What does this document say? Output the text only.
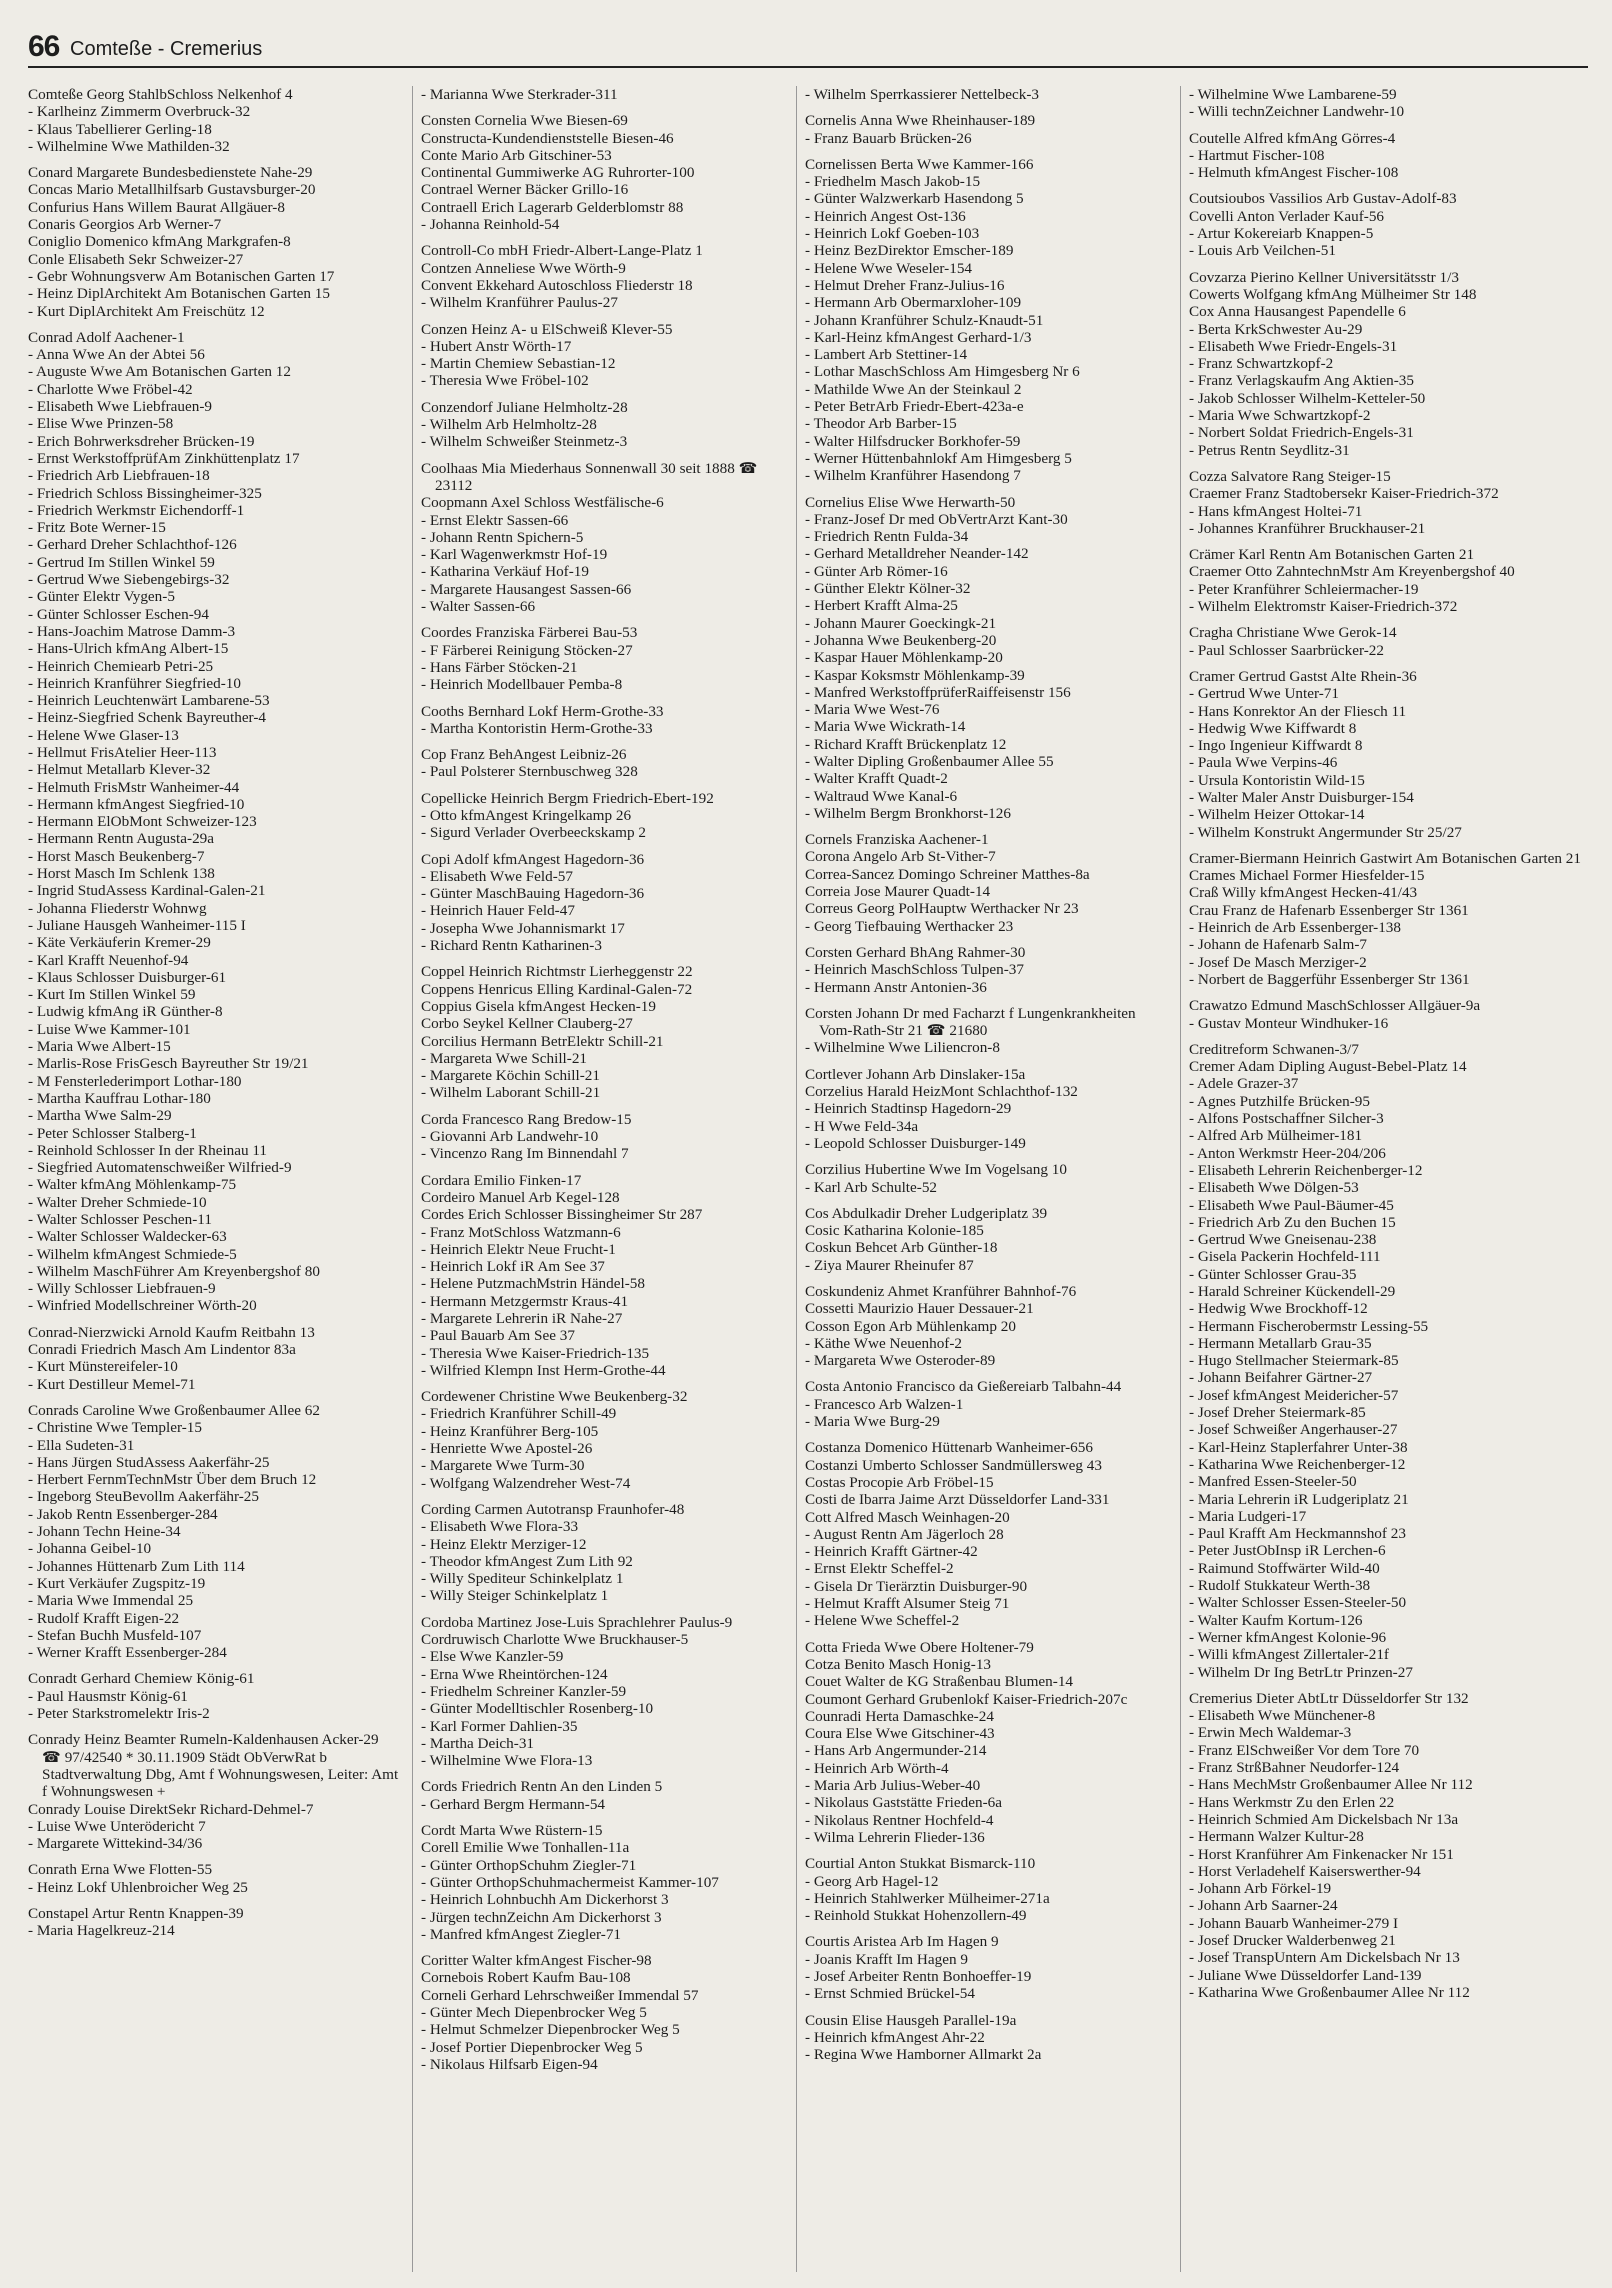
66 Comteße - Cremerius
Comteße Georg StahlbSchloss Nelkenhof 4
- Karlheinz Zimmerm Overbruck-32
- Klaus Tabellierer Gerling-18
- Wilhelmine Wwe Mathilden-32
Conard Margarete Bundesbedienstete Nahe-29
Concas Mario Metallhilfsarb Gustavsburger-20
Confurius Hans Willem Baurat Allgäuer-8
Conaris Georgios Arb Werner-7
Coniglio Domenico kfmAng Markgrafen-8
Conle Elisabeth Sekr Schweizer-27
- Gebr Wohnungsverw Am Botanischen Garten 17
- Heinz DiplArchitekt Am Botanischen Garten 15
- Kurt DiplArchitekt Am Freischütz 12
Conrad Adolf Aachener-1
- Anna Wwe An der Abtei 56
- Auguste Wwe Am Botanischen Garten 12
- Charlotte Wwe Fröbel-42
- Elisabeth Wwe Liebfrauen-9
- Elise Wwe Prinzen-58
- Erich Bohrwerksdreher Brücken-19
- Ernst WerkstoffprüfAm Zinkhüttenplatz 17
- Friedrich Arb Liebfrauen-18
- Friedrich Schloss Bissingheimer-325
- Friedrich Werkmstr Eichendorff-1
- Fritz Bote Werner-15
- Gerhard Dreher Schlachthof-126
- Gertrud Im Stillen Winkel 59
- Gertrud Wwe Siebengebirgs-32
- Günter Elektr Vygen-5
- Günter Schlosser Eschen-94
- Hans-Joachim Matrose Damm-3
- Hans-Ulrich kfmAng Albert-15
- Heinrich Chemiearb Petri-25
- Heinrich Kranführer Siegfried-10
- Heinrich Leuchtenwärt Lambarene-53
- Heinz-Siegfried Schenk Bayreuther-4
- Helene Wwe Glaser-13
- Hellmut FrisAtelier Heer-113
- Helmut Metallarb Klever-32
- Helmuth FrisMstr Wanheimer-44
- Hermann kfmAngest Siegfried-10
- Hermann ElObMont Schweizer-123
- Hermann Rentn Augusta-29a
- Horst Masch Beukenberg-7
- Horst Masch Im Schlenk 138
- Ingrid StudAssess Kardinal-Galen-21
- Johanna Fliederstr Wohnwg
- Juliane Hausgeh Wanheimer-115 I
- Käte Verkäuferin Kremer-29
- Karl Krafft Neuenhof-94
- Klaus Schlosser Duisburger-61
- Kurt Im Stillen Winkel 59
- Ludwig kfmAng iR Günther-8
- Luise Wwe Kammer-101
- Maria Wwe Albert-15
- Marlis-Rose FrisGesch Bayreuther Str 19/21
- M Fensterlederimport Lothar-180
- Martha Kauffrau Lothar-180
- Martha Wwe Salm-29
- Peter Schlosser Stalberg-1
- Reinhold Schlosser In der Rheinau 11
- Siegfried Automatenschweißer Wilfried-9
- Walter kfmAng Möhlenkamp-75
- Walter Dreher Schmiede-10
- Walter Schlosser Peschen-11
- Walter Schlosser Waldecker-63
- Wilhelm kfmAngest Schmiede-5
- Wilhelm MaschFührer Am Kreyenbergshof 80
- Willy Schlosser Liebfrauen-9
- Winfried Modellschreiner Wörth-20
Conrad-Nierzwicki Arnold Kaufm Reitbahn 13
Conradi Friedrich Masch Am Lindentor 83a
- Kurt Münstereifeler-10
- Kurt Destilleur Memel-71
Conrads Caroline Wwe Großenbaumer Allee 62
- Christine Wwe Templer-15
- Ella Sudeten-31
- Hans Jürgen StudAssess Aakerfähr-25
- Herbert FernmTechnMstr Über dem Bruch 12
- Ingeborg SteuBevollm Aakerfähr-25
- Jakob Rentn Essenberger-284
- Johann Techn Heine-34
- Johanna Geibel-10
- Johannes Hüttenarb Zum Lith 114
- Kurt Verkäufer Zugspitz-19
- Maria Wwe Immendal 25
- Rudolf Krafft Eigen-22
- Stefan Buchh Musfeld-107
- Werner Krafft Essenberger-284
Conradt Gerhard Chemiew König-61
- Paul Hausmstr König-61
- Peter Starkstromelektr Iris-2
Conrady Heinz Beamter Rumeln-Kaldenhausen Acker-29 ☎ 97/42540 * 30.11.1909 Städt ObVerwRat b Stadtverwaltung Dbg, Amt f Wohnungswesen, Leiter: Amt f Wohnungswesen +
Conrady Louise DirektSekr Richard-Dehmel-7
- Luise Wwe Unterödericht 7
- Margarete Wittekind-34/36
Conrath Erna Wwe Flotten-55
- Heinz Lokf Uhlenbroicher Weg 25
Constapel Artur Rentn Knappen-39
- Maria Hagelkreuz-214
- Marianna Wwe Sterkrader-311
Consten Cornelia Wwe Biesen-69
Constructa-Kundendienststelle Biesen-46
Conte Mario Arb Gitschiner-53
Continental Gummiwerke AG Ruhrorter-100
Contrael Werner Bäcker Grillo-16
Contraell Erich Lagerarb Gelderblomstr 88
- Johanna Reinhold-54
Controll-Co mbH Friedr-Albert-Lange-Platz 1
Contzen Anneliese Wwe Wörth-9
Convent Ekkehard Autoschloss Fliederstr 18
- Wilhelm Kranführer Paulus-27
Conzen Heinz A- u ElSchweiß Klever-55
- Hubert Anstr Wörth-17
- Martin Chemiew Sebastian-12
- Theresia Wwe Fröbel-102
Conzendorf Juliane Helmholtz-28
- Wilhelm Arb Helmholtz-28
- Wilhelm Schweißer Steinmetz-3
Coolhaas Mia Miederhaus Sonnenwall 30 seit 1888 ☎ 23112
Coopmann Axel Schloss Westfälische-6
- Ernst Elektr Sassen-66
- Johann Rentn Spichern-5
- Karl Wagenwerkmstr Hof-19
- Katharina Verkäuf Hof-19
- Margarete Hausangest Sassen-66
- Walter Sassen-66
Coordes Franziska Färberei Bau-53
- F Färberei Reinigung Stöcken-27
- Hans Färber Stöcken-21
- Heinrich Modellbauer Pemba-8
Cooths Bernhard Lokf Herm-Grothe-33
- Martha Kontoristin Herm-Grothe-33
Cop Franz BehAngest Leibniz-26
- Paul Polsterer Sternbuschweg 328
Copellicke Heinrich Bergm Friedrich-Ebert-192
- Otto kfmAngest Kringelkamp 26
- Sigurd Verlader Overbeeckskamp 2
Copi Adolf kfmAngest Hagedorn-36
- Elisabeth Wwe Feld-57
- Günter MaschBauing Hagedorn-36
- Heinrich Hauer Feld-47
- Josepha Wwe Johannismarkt 17
- Richard Rentn Katharinen-3
Coppel Heinrich Richtmstr Lierheggenstr 22
Coppens Henricus Elling Kardinal-Galen-72
Coppius Gisela kfmAngest Hecken-19
Corbo Seykel Kellner Clauberg-27
Corcilius Hermann BetrElektr Schill-21
- Margareta Wwe Schill-21
- Margarete Köchin Schill-21
- Wilhelm Laborant Schill-21
Corda Francesco Rang Bredow-15
- Giovanni Arb Landwehr-10
- Vincenzo Rang Im Binnendahl 7
Cordara Emilio Finken-17
Cordeiro Manuel Arb Kegel-128
Cordes Erich Schlosser Bissingheimer Str 287
- Franz MotSchloss Watzmann-6
- Heinrich Elektr Neue Frucht-1
- Heinrich Lokf iR Am See 37
- Helene PutzmachMstrin Händel-58
- Hermann Metzgermstr Kraus-41
- Margarete Lehrerin iR Nahe-27
- Paul Bauarb Am See 37
- Theresia Wwe Kaiser-Friedrich-135
- Wilfried Klempn Inst Herm-Grothe-44
Cordewener Christine Wwe Beukenberg-32
- Friedrich Kranführer Schill-49
- Heinz Kranführer Berg-105
- Henriette Wwe Apostel-26
- Margarete Wwe Turm-30
- Wolfgang Walzendreher West-74
Cording Carmen Autotransp Fraunhofer-48
- Elisabeth Wwe Flora-33
- Heinz Elektr Merziger-12
- Theodor kfmAngest Zum Lith 92
- Willy Spediteur Schinkelplatz 1
- Willy Steiger Schinkelplatz 1
Cordoba Martinez Jose-Luis Sprachlehrer Paulus-9
Cordruwisch Charlotte Wwe Bruckhauser-5
- Else Wwe Kanzler-59
- Erna Wwe Rheintörchen-124
- Friedhelm Schreiner Kanzler-59
- Günter Modelltischler Rosenberg-10
- Karl Former Dahlien-35
- Martha Deich-31
- Wilhelmine Wwe Flora-13
Cords Friedrich Rentn An den Linden 5
- Gerhard Bergm Hermann-54
Cordt Marta Wwe Rüstern-15
Corell Emilie Wwe Tonhallen-11a
- Günter OrthopSchuhm Ziegler-71
- Günter OrthopSchuhmachermeist Kammer-107
- Heinrich Lohnbuchh Am Dickerhorst 3
- Jürgen technZeichn Am Dickerhorst 3
- Manfred kfmAngest Ziegler-71
Coritter Walter kfmAngest Fischer-98
Cornebois Robert Kaufm Bau-108
Corneli Gerhard Lehrschweißer Immendal 57
- Günter Mech Diepenbrocker Weg 5
- Helmut Schmelzer Diepenbrocker Weg 5
- Josef Portier Diepenbrocker Weg 5
- Nikolaus Hilfsarb Eigen-94
- Wilhelm Sperrkassierer Nettelbeck-3
Cornelis Anna Wwe Rheinhauser-189
- Franz Bauarb Brücken-26
Cornelissen Berta Wwe Kammer-166
- Friedhelm Masch Jakob-15
- Günter Walzwerkarb Hasendong 5
- Heinrich Angest Ost-136
- Heinrich Lokf Goeben-103
- Heinz BezDirektor Emscher-189
- Helene Wwe Weseler-154
- Helmut Dreher Franz-Julius-16
- Hermann Arb Obermarxloher-109
- Johann Kranführer Schulz-Knaudt-51
- Karl-Heinz kfmAngest Gerhard-1/3
- Lambert Arb Stettiner-14
- Lothar MaschSchloss Am Himgesberg Nr 6
- Mathilde Wwe An der Steinkaul 2
- Peter BetrArb Friedr-Ebert-423a-e
- Theodor Arb Barber-15
- Walter Hilfsdrucker Borkhofer-59
- Werner Hüttenbahnlokf Am Himgesberg 5
- Wilhelm Kranführer Hasendong 7
Cornelius Elise Wwe Herwarth-50
- Franz-Josef Dr med ObVertrArzt Kant-30
- Friedrich Rentn Fulda-34
- Gerhard Metalldreher Neander-142
- Günter Arb Römer-16
- Günther Elektr Kölner-32
- Herbert Krafft Alma-25
- Johann Maurer Goeckingk-21
- Johanna Wwe Beukenberg-20
- Kaspar Hauer Möhlenkamp-20
- Kaspar Koksmstr Möhlenkamp-39
- Manfred WerkstoffprüferRaiffeisenstr 156
- Maria Wwe West-76
- Maria Wwe Wickrath-14
- Richard Krafft Brückenplatz 12
- Walter Dipling Großenbaumer Allee 55
- Walter Krafft Quadt-2
- Waltraud Wwe Kanal-6
- Wilhelm Bergm Bronkhorst-126
Cornels Franziska Aachener-1
Corona Angelo Arb St-Vither-7
Correa-Sancez Domingo Schreiner Matthes-8a
Correia Jose Maurer Quadt-14
Correus Georg PolHauptw Werthacker Nr 23
- Georg Tiefbauing Werthacker 23
Corsten Gerhard BhAng Rahmer-30
- Heinrich MaschSchloss Tulpen-37
- Hermann Anstr Antonien-36
Corsten Johann Dr med Facharzt f Lungenkrankheiten Vom-Rath-Str 21 ☎ 21680
- Wilhelmine Wwe Liliencron-8
Cortlever Johann Arb Dinslaker-15a
Corzelius Harald HeizMont Schlachthof-132
- Heinrich Stadtinsp Hagedorn-29
- H Wwe Feld-34a
- Leopold Schlosser Duisburger-149
Corzilius Hubertine Wwe Im Vogelsang 10
- Karl Arb Schulte-52
Cos Abdulkadir Dreher Ludgeriplatz 39
Cosic Katharina Kolonie-185
Coskun Behcet Arb Günther-18
- Ziya Maurer Rheinufer 87
Coskundeniz Ahmet Kranführer Bahnhof-76
Cossetti Maurizio Hauer Dessauer-21
Cosson Egon Arb Mühlenkamp 20
- Käthe Wwe Neuenhof-2
- Margareta Wwe Osteroder-89
Costa Antonio Francisco da Gießereiarb Talbahn-44
- Francesco Arb Walzen-1
- Maria Wwe Burg-29
Costanza Domenico Hüttenarb Wanheimer-656
Costanzi Umberto Schlosser Sandmüllersweg 43
Costas Procopie Arb Fröbel-15
Costi de Ibarra Jaime Arzt Düsseldorfer Land-331
Cott Alfred Masch Weinhagen-20
- August Rentn Am Jägerloch 28
- Heinrich Krafft Gärtner-42
- Ernst Elektr Scheffel-2
- Gisela Dr Tierärztin Duisburger-90
- Helmut Krafft Alsumer Steig 71
- Helene Wwe Scheffel-2
Cotta Frieda Wwe Obere Holtener-79
Cotza Benito Masch Honig-13
Couet Walter de KG Straßenbau Blumen-14
Coumont Gerhard Grubenlokf Kaiser-Friedrich-207c
Counradi Herta Damaschke-24
Coura Else Wwe Gitschiner-43
- Hans Arb Angermunder-214
- Heinrich Arb Wörth-4
- Maria Arb Julius-Weber-40
- Nikolaus Gaststätte Frieden-6a
- Nikolaus Rentner Hochfeld-4
- Wilma Lehrerin Flieder-136
Courtial Anton Stukkat Bismarck-110
- Georg Arb Hagel-12
- Heinrich Stahlwerker Mülheimer-271a
- Reinhold Stukkat Hohenzollern-49
Courtis Aristea Arb Im Hagen 9
- Joanis Krafft Im Hagen 9
- Josef Arbeiter Rentn Bonhoeffer-19
- Ernst Schmied Brückel-54
Cousin Elise Hausgeh Parallel-19a
- Heinrich kfmAngest Ahr-22
- Regina Wwe Hamborner Allmarkt 2a
- Wilhelmine Wwe Lambarene-59
- Willi technZeichner Landwehr-10
Coutelle Alfred kfmAng Görres-4
- Hartmut Fischer-108
- Helmuth kfmAngest Fischer-108
Coutsioubos Vassilios Arb Gustav-Adolf-83
Covelli Anton Verlader Kauf-56
- Artur Kokereiarb Knappen-5
- Louis Arb Veilchen-51
Covzarza Pierino Kellner Universitätsstr 1/3
Cowerts Wolfgang kfmAng Mülheimer Str 148
Cox Anna Hausangest Papendelle 6
- Berta KrkSchwester Au-29
- Elisabeth Wwe Friedr-Engels-31
- Franz Schwartzkopf-2
- Franz Verlagskaufm Ang Aktien-35
- Jakob Schlosser Wilhelm-Ketteler-50
- Maria Wwe Schwartzkopf-2
- Norbert Soldat Friedrich-Engels-31
- Petrus Rentn Seydlitz-31
Cozza Salvatore Rang Steiger-15
Craemer Franz Stadtobersekr Kaiser-Friedrich-372
- Hans kfmAngest Holtei-71
- Johannes Kranführer Bruckhauser-21
Crämer Karl Rentn Am Botanischen Garten 21
Craemer Otto ZahntechnMstr Am Kreyenbergshof 40
- Peter Kranführer Schleiermacher-19
- Wilhelm Elektromstr Kaiser-Friedrich-372
Cragha Christiane Wwe Gerok-14
- Paul Schlosser Saarbrücker-22
Cramer Gertrud Gastst Alte Rhein-36
- Gertrud Wwe Unter-71
- Hans Konrektor An der Fliesch 11
- Hedwig Wwe Kiffwardt 8
- Ingo Ingenieur Kiffwardt 8
- Paula Wwe Verpins-46
- Ursula Kontoristin Wild-15
- Walter Maler Anstr Duisburger-154
- Wilhelm Heizer Ottokar-14
- Wilhelm Konstrukt Angermunder Str 25/27
Cramer-Biermann Heinrich Gastwirt Am Botanischen Garten 21
Crames Michael Former Hiesfelder-15
Craß Willy kfmAngest Hecken-41/43
Crau Franz de Hafenarb Essenberger Str 1361
- Heinrich de Arb Essenberger-138
- Johann de Hafenarb Salm-7
- Josef De Masch Merziger-2
- Norbert de Baggerführ Essenberger Str 1361
Crawatzo Edmund MaschSchlosser Allgäuer-9a
- Gustav Monteur Windhuker-16
Creditreform Schwanen-3/7
Cremer Adam Dipling August-Bebel-Platz 14
- Adele Grazer-37
- Agnes Putzhilfe Brücken-95
- Alfons Postschaffner Silcher-3
- Alfred Arb Mülheimer-181
- Anton Werkmstr Heer-204/206
- Elisabeth Lehrerin Reichenberger-12
- Elisabeth Wwe Dölgen-53
- Elisabeth Wwe Paul-Bäumer-45
- Friedrich Arb Zu den Buchen 15
- Gertrud Wwe Gneisenau-238
- Gisela Packerin Hochfeld-111
- Günter Schlosser Grau-35
- Harald Schreiner Kückendell-29
- Hedwig Wwe Brockhoff-12
- Hermann Fischerobermstr Lessing-55
- Hermann Metallarb Grau-35
- Hugo Stellmacher Steiermark-85
- Johann Beifahrer Gärtner-27
- Josef kfmAngest Meidericher-57
- Josef Dreher Steiermark-85
- Josef Schweißer Angerhauser-27
- Karl-Heinz Staplerfahrer Unter-38
- Katharina Wwe Reichenberger-12
- Manfred Essen-Steeler-50
- Maria Lehrerin iR Ludgeriplatz 21
- Maria Ludgeri-17
- Paul Krafft Am Heckmannshof 23
- Peter JustObInsp iR Lerchen-6
- Raimund Stoffwärter Wild-40
- Rudolf Stukkateur Werth-38
- Walter Schlosser Essen-Steeler-50
- Walter Kaufm Kortum-126
- Werner kfmAngest Kolonie-96
- Willi kfmAngest Zillertaler-21f
- Wilhelm Dr Ing BetrLtr Prinzen-27
Cremerius Dieter AbtLtr Düsseldorfer Str 132
- Elisabeth Wwe Münchener-8
- Erwin Mech Waldemar-3
- Franz ElSchweißer Vor dem Tore 70
- Franz StrßBahner Neudorfer-124
- Hans MechMstr Großenbaumer Allee Nr 112
- Hans Werkmstr Zu den Erlen 22
- Heinrich Schmied Am Dickelsbach Nr 13a
- Hermann Walzer Kultur-28
- Horst Kranführer Am Finkenacker Nr 151
- Horst Verladehelf Kaiserswerther-94
- Johann Arb Förkel-19
- Johann Arb Saarner-24
- Johann Bauarb Wanheimer-279 I
- Josef Drucker Walderbenweg 21
- Josef TranspUntern Am Dickelsbach Nr 13
- Juliane Wwe Düsseldorfer Land-139
- Katharina Wwe Großenbaumer Allee Nr 112
